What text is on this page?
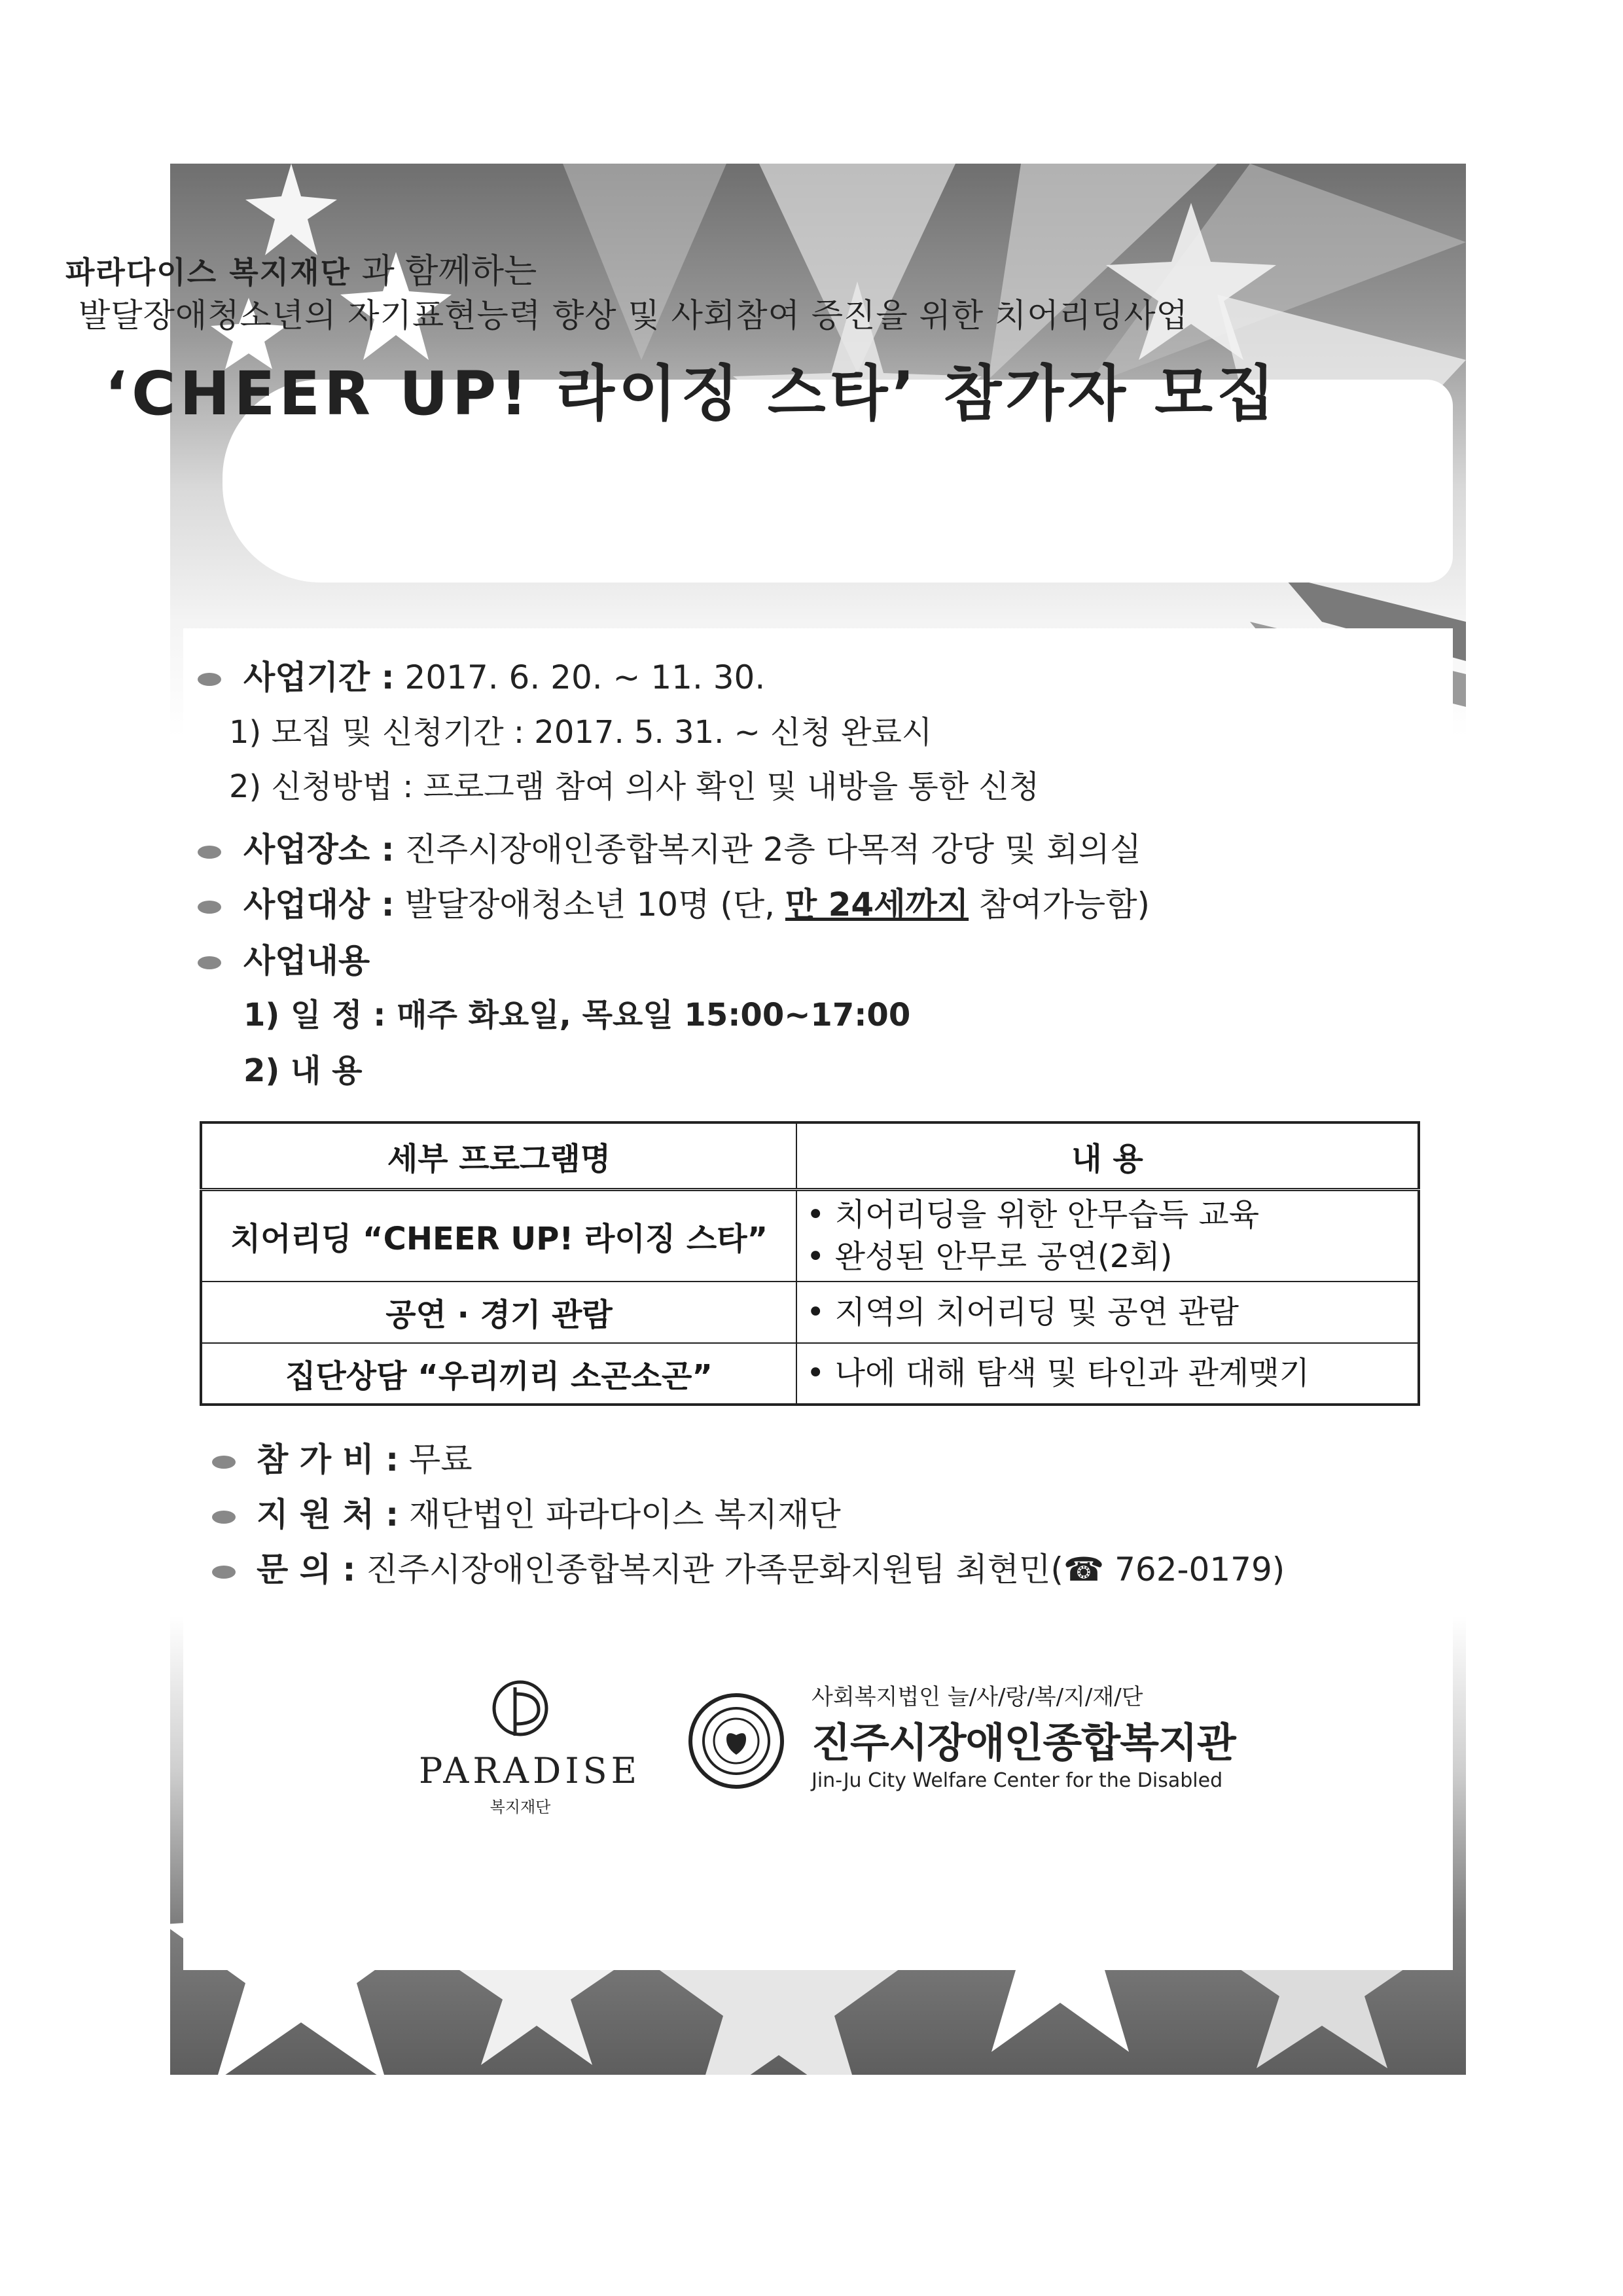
파라다이스 복지재단 과 함께하는
발달장애청소년의 자기표현능력 향상 및 사회참여 증진을 위한 치어리딩사업
‘CHEER UP! 라이징 스타’ 참가자 모집
사업기간 : 2017. 6. 20. ~ 11. 30.
1) 모집 및 신청기간 : 2017. 5. 31. ~ 신청 완료시
2) 신청방법 : 프로그램 참여 의사 확인 및 내방을 통한 신청
사업장소 : 진주시장애인종합복지관 2층 다목적 강당 및 회의실
사업대상 : 발달장애청소년 10명 (단, 만 24세까지 참여가능함)
사업내용
1) 일 정 : 매주 화요일, 목요일 15:00~17:00
2) 내 용
세부 프로그램명	내 용
치어리딩 “CHEER UP! 라이징 스타”	• 치어리딩을 위한 안무습득 교육
• 완성된 안무로 공연(2회)

공연 · 경기 관람	• 지역의 치어리딩 및 공연 관람

집단상담 “우리끼리 소곤소곤”	• 나에 대해 탐색 및 타인과 관계맺기
참 가 비 : 무료
지 원 처 : 재단법인 파라다이스 복지재단
문 의 : 진주시장애인종합복지관 가족문화지원팀 최현민(☎ 762-0179)
PARADISE
복지재단
사회복지법인 늘/사/랑/복/지/재/단
진주시장애인종합복지관
Jin-Ju City Welfare Center for the Disabled
